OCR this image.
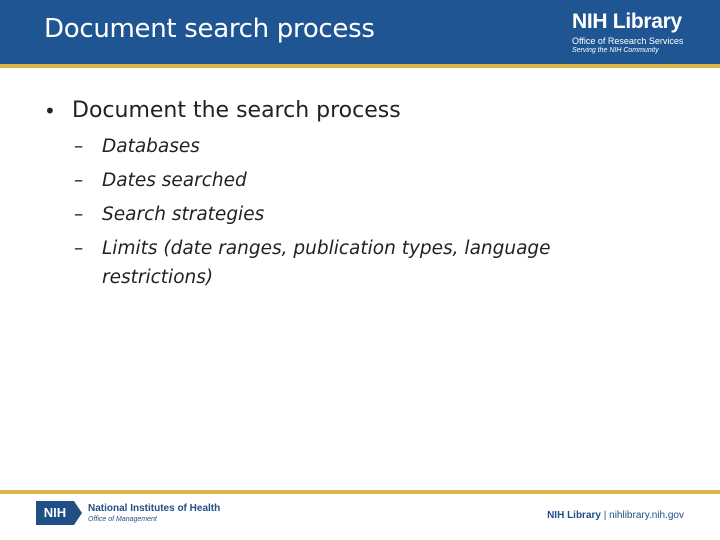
Document search process	NIH Library
Office of Research Services
Serving the NIH Community
• Document the search process
–	Databases
–	Dates searched
–	Search strategies
–	Limits (date ranges, publication types, language restrictions)
NIH	National Institutes of Health
Office of Management	NIH Library | nihlibrary.nih.gov
